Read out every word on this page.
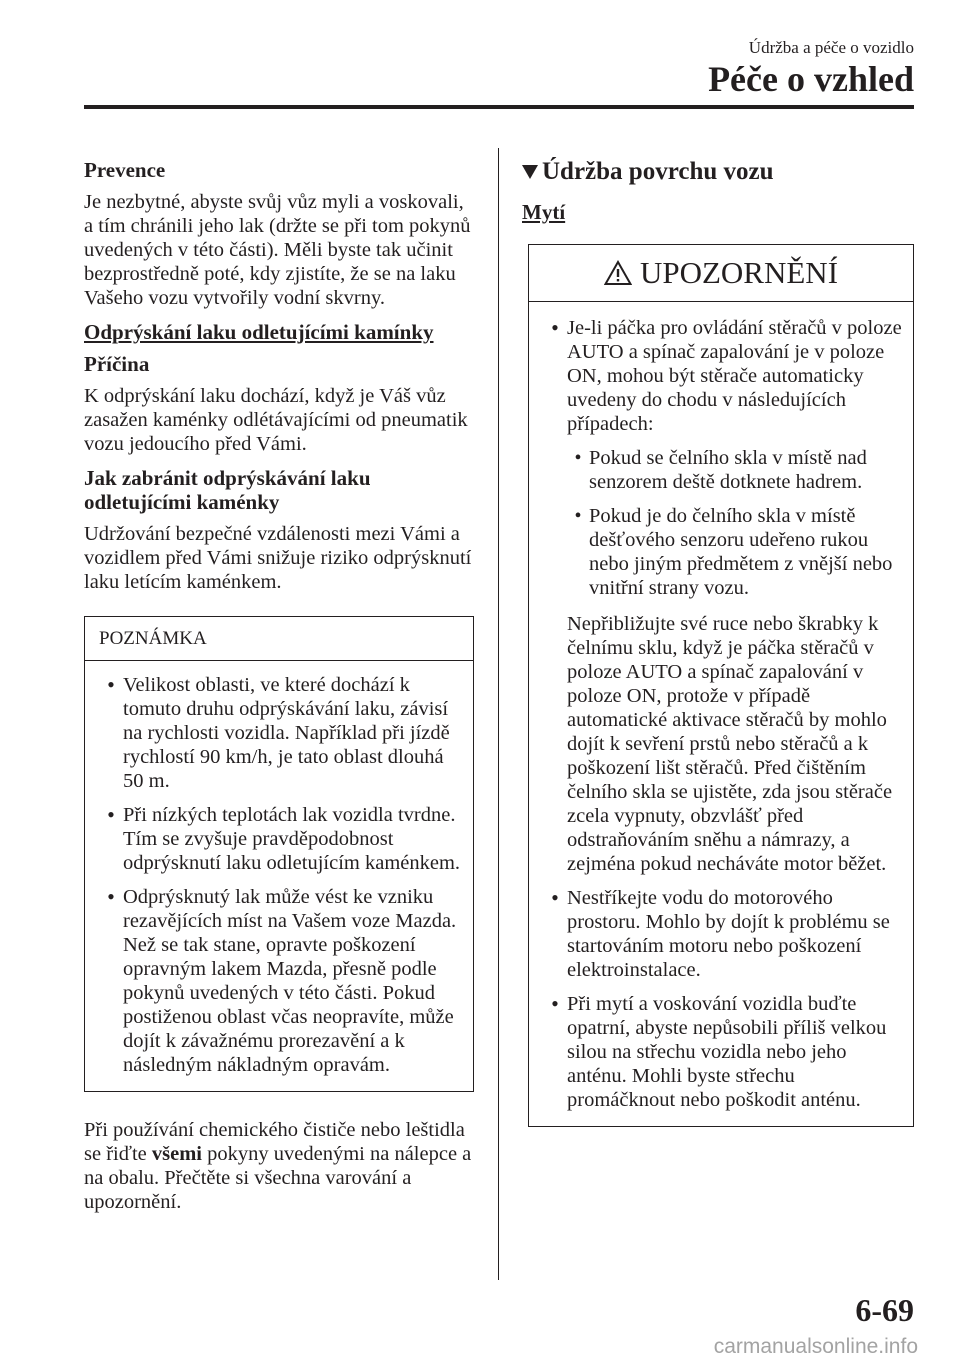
Údržba a péče o vozidlo
Péče o vzhled

Prevence

Je nezbytné, abyste svůj vůz myli a voskovali, a tím chránili jeho lak (držte se při tom pokynů uvedených v této části). Měli byste tak učinit bezprostředně poté, kdy zjistíte, že se na laku Vašeho vozu vytvořily vodní skvrny.

Odprýskání laku odletujícími kamínky

Příčina

K odprýskání laku dochází, když je Váš vůz zasažen kaménky odlétávajícími od pneumatik vozu jedoucího před Vámi.

Jak zabránit odprýskávání laku odletujícími kaménky

Udržování bezpečné vzdálenosti mezi Vámi a vozidlem před Vámi snižuje riziko odprýsknutí laku letícím kaménkem.

POZNÁMKA
• Velikost oblasti, ve které dochází k tomuto druhu odprýskávání laku, závisí na rychlosti vozidla. Například při jízdě rychlostí 90 km/h, je tato oblast dlouhá 50 m.
• Při nízkých teplotách lak vozidla tvrdne. Tím se zvyšuje pravděpodobnost odprýsknutí laku odletujícím kaménkem.
• Odprýsknutý lak může vést ke vzniku rezavějících míst na Vašem voze Mazda. Než se tak stane, opravte poškození opravným lakem Mazda, přesně podle pokynů uvedených v této části. Pokud postiženou oblast včas neopravíte, může dojít k závažnému prorezavění a k následným nákladným opravám.

Při používání chemického čističe nebo leštidla se řiďte všemi pokyny uvedenými na nálepce a na obalu. Přečtěte si všechna varování a upozornění.

Údržba povrchu vozu

Mytí

UPOZORNĚNÍ
• Je-li páčka pro ovládání stěračů v poloze AUTO a spínač zapalování je v poloze ON, mohou být stěrače automaticky uvedeny do chodu v následujících případech:
• Pokud se čelního skla v místě nad senzorem deště dotknete hadrem.
• Pokud je do čelního skla v místě dešťového senzoru udeřeno rukou nebo jiným předmětem z vnější nebo vnitřní strany vozu.

Nepřibližujte své ruce nebo škrabky k čelnímu sklu, když je páčka stěračů v poloze AUTO a spínač zapalování v poloze ON, protože v případě automatické aktivace stěračů by mohlo dojít k sevření prstů nebo stěračů a k poškození lišt stěračů. Před čištěním čelního skla se ujistěte, zda jsou stěrače zcela vypnuty, obzvlášť před odstraňováním sněhu a námrazy, a zejména pokud necháváte motor běžet.

• Nestříkejte vodu do motorového prostoru. Mohlo by dojít k problému se startováním motoru nebo poškození elektroinstalace.
• Při mytí a voskování vozidla buďte opatrní, abyste nepůsobili příliš velkou silou na střechu vozidla nebo jeho anténu. Mohli byste střechu promáčknout nebo poškodit anténu.
6-69
carmanualsonline.info
